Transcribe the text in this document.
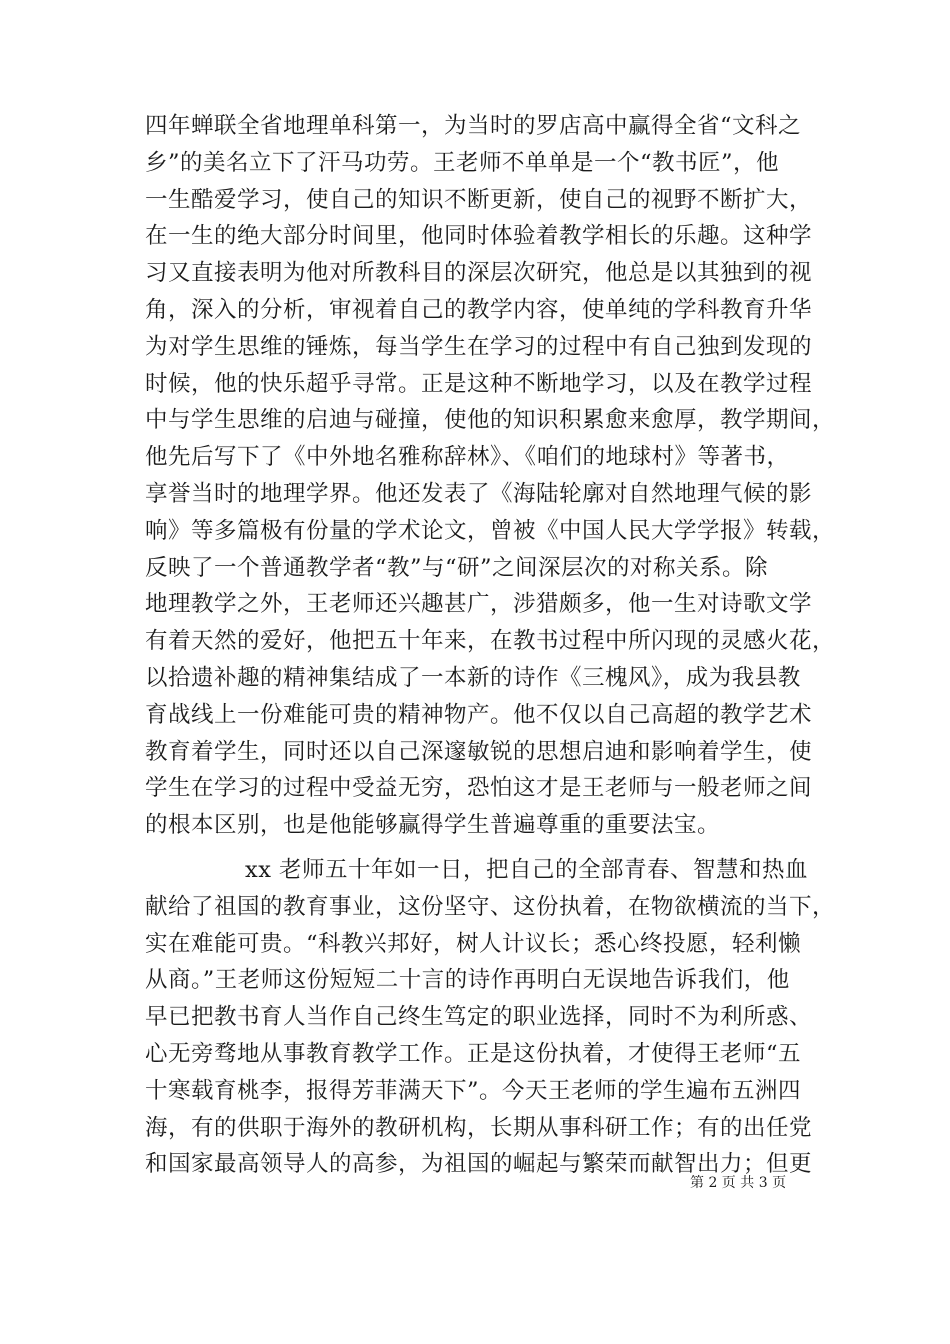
四年蝉联全省地理单科第一，为当时的罗店高中赢得全省“文科之
乡”的美名立下了汗马功劳。王老师不单单是一个“教书匠”，他
一生酷爱学习，使自己的知识不断更新，使自己的视野不断扩大，
在一生的绝大部分时间里，他同时体验着教学相长的乐趣。这种学
习又直接表明为他对所教科目的深层次研究，他总是以其独到的视
角，深入的分析，审视着自己的教学内容，使单纯的学科教育升华
为对学生思维的锤炼，每当学生在学习的过程中有自己独到发现的
时候，他的快乐超乎寻常。正是这种不断地学习，以及在教学过程
中与学生思维的启迪与碰撞，使他的知识积累愈来愈厚，教学期间，
他先后写下了《中外地名雅称辞林》、《咱们的地球村》等著书，
享誉当时的地理学界。他还发表了《海陆轮廓对自然地理气候的影
响》等多篇极有份量的学术论文，曾被《中国人民大学学报》转载，
反映了一个普通教学者“教”与“研”之间深层次的对称关系。除
地理教学之外，王老师还兴趣甚广，涉猎颇多，他一生对诗歌文学
有着天然的爱好，他把五十年来，在教书过程中所闪现的灵感火花，
以拾遗补趣的精神集结成了一本新的诗作《三槐风》，成为我县教
育战线上一份难能可贵的精神物产。他不仅以自己高超的教学艺术
教育着学生，同时还以自己深邃敏锐的思想启迪和影响着学生，使
学生在学习的过程中受益无穷，恐怕这才是王老师与一般老师之间
的根本区别，也是他能够赢得学生普遍尊重的重要法宝。
xx 老师五十年如一日，把自己的全部青春、智慧和热血
献给了祖国的教育事业，这份坚守、这份执着，在物欲横流的当下，
实在难能可贵。“科教兴邦好，树人计议长；悉心终投愿，轻利懒
从商。”王老师这份短短二十言的诗作再明白无误地告诉我们，他
早已把教书育人当作自己终生笃定的职业选择，同时不为利所惑、
心无旁骛地从事教育教学工作。正是这份执着，才使得王老师“五
十寒载育桃李，报得芳菲满天下”。今天王老师的学生遍布五洲四
海，有的供职于海外的教研机构，长期从事科研工作；有的出任党
和国家最高领导人的高参，为祖国的崛起与繁荣而献智出力；但更
第 2 页 共 3 页
